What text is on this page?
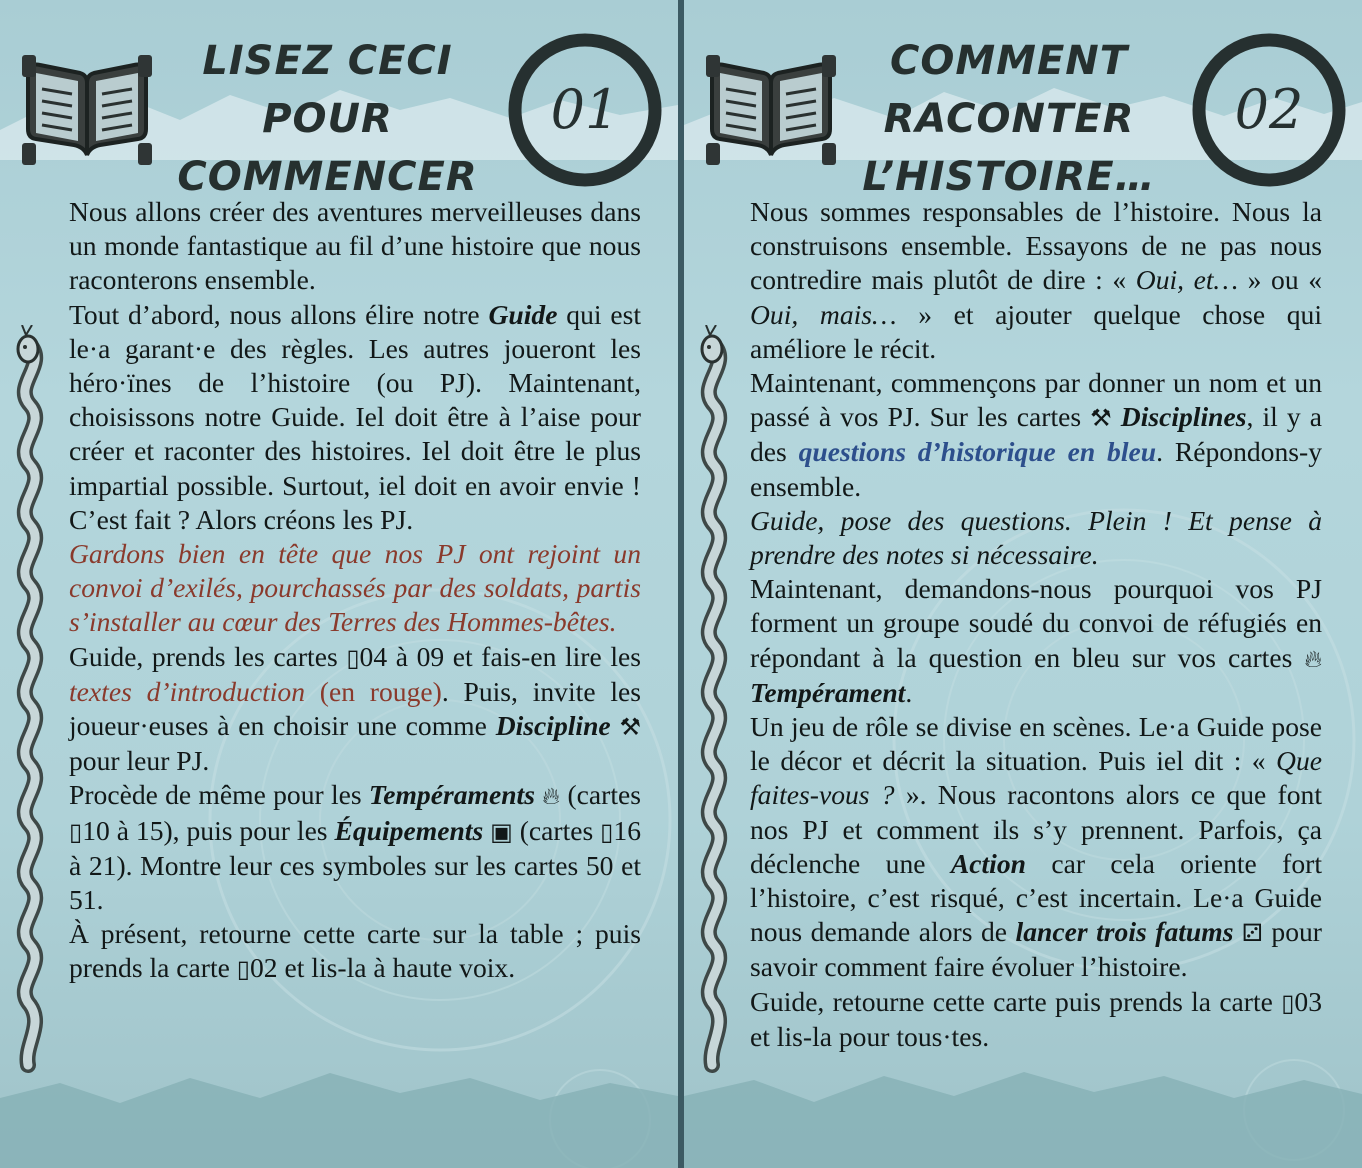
LISEZ CECI
POUR
COMMENCER
01

Nous allons créer des aventures merveilleuses dans un monde fantastique au fil d’une histoire que nous raconterons ensemble.

Tout d’abord, nous allons élire notre Guide qui est le·a garant·e des règles. Les autres joueront les héro·ïnes de l’histoire (ou PJ). Maintenant, choisissons notre Guide. Iel doit être à l’aise pour créer et raconter des histoires. Iel doit être le plus impartial possible. Surtout, iel doit en avoir envie ! C’est fait ? Alors créons les PJ.

Gardons bien en tête que nos PJ ont rejoint un convoi d’exilés, pourchassés par des soldats, partis s’installer au cœur des Terres des Hommes-bêtes.

Guide, prends les cartes ▯04 à 09 et fais-en lire les textes d’introduction (en rouge). Puis, invite les joueur·euses à en choisir une comme Discipline ⚒ pour leur PJ.

Procède de même pour les Tempéraments 🔥︎ (cartes ▯10 à 15), puis pour les Équipements ▣ (cartes ▯16 à 21). Montre leur ces symboles sur les cartes 50 et 51.

À présent, retourne cette carte sur la table ; puis prends la carte ▯02 et lis-la à haute voix.

COMMENT
RACONTER
L’HISTOIRE…
02

Nous sommes responsables de l’histoire. Nous la construisons ensemble. Essayons de ne pas nous contredire mais plutôt de dire : « Oui, et… » ou « Oui, mais… » et ajouter quelque chose qui améliore le récit.

Maintenant, commençons par donner un nom et un passé à vos PJ. Sur les cartes ⚒ Disciplines, il y a des questions d’historique en bleu. Répondons-y ensemble.

Guide, pose des questions. Plein ! Et pense à prendre des notes si nécessaire.

Maintenant, demandons-nous pourquoi vos PJ forment un groupe soudé du convoi de réfugiés en répondant à la question en bleu sur vos cartes 🔥︎ Tempérament.

Un jeu de rôle se divise en scènes. Le·a Guide pose le décor et décrit la situation. Puis iel dit : « Que faites-vous ? ». Nous racontons alors ce que font nos PJ et comment ils s’y prennent. Parfois, ça déclenche une Action car cela oriente fort l’histoire, c’est risqué, c’est incertain. Le·a Guide nous demande alors de lancer trois fatums ⚂ pour savoir comment faire évoluer l’histoire.

Guide, retourne cette carte puis prends la carte ▯03 et lis-la pour tous·tes.
